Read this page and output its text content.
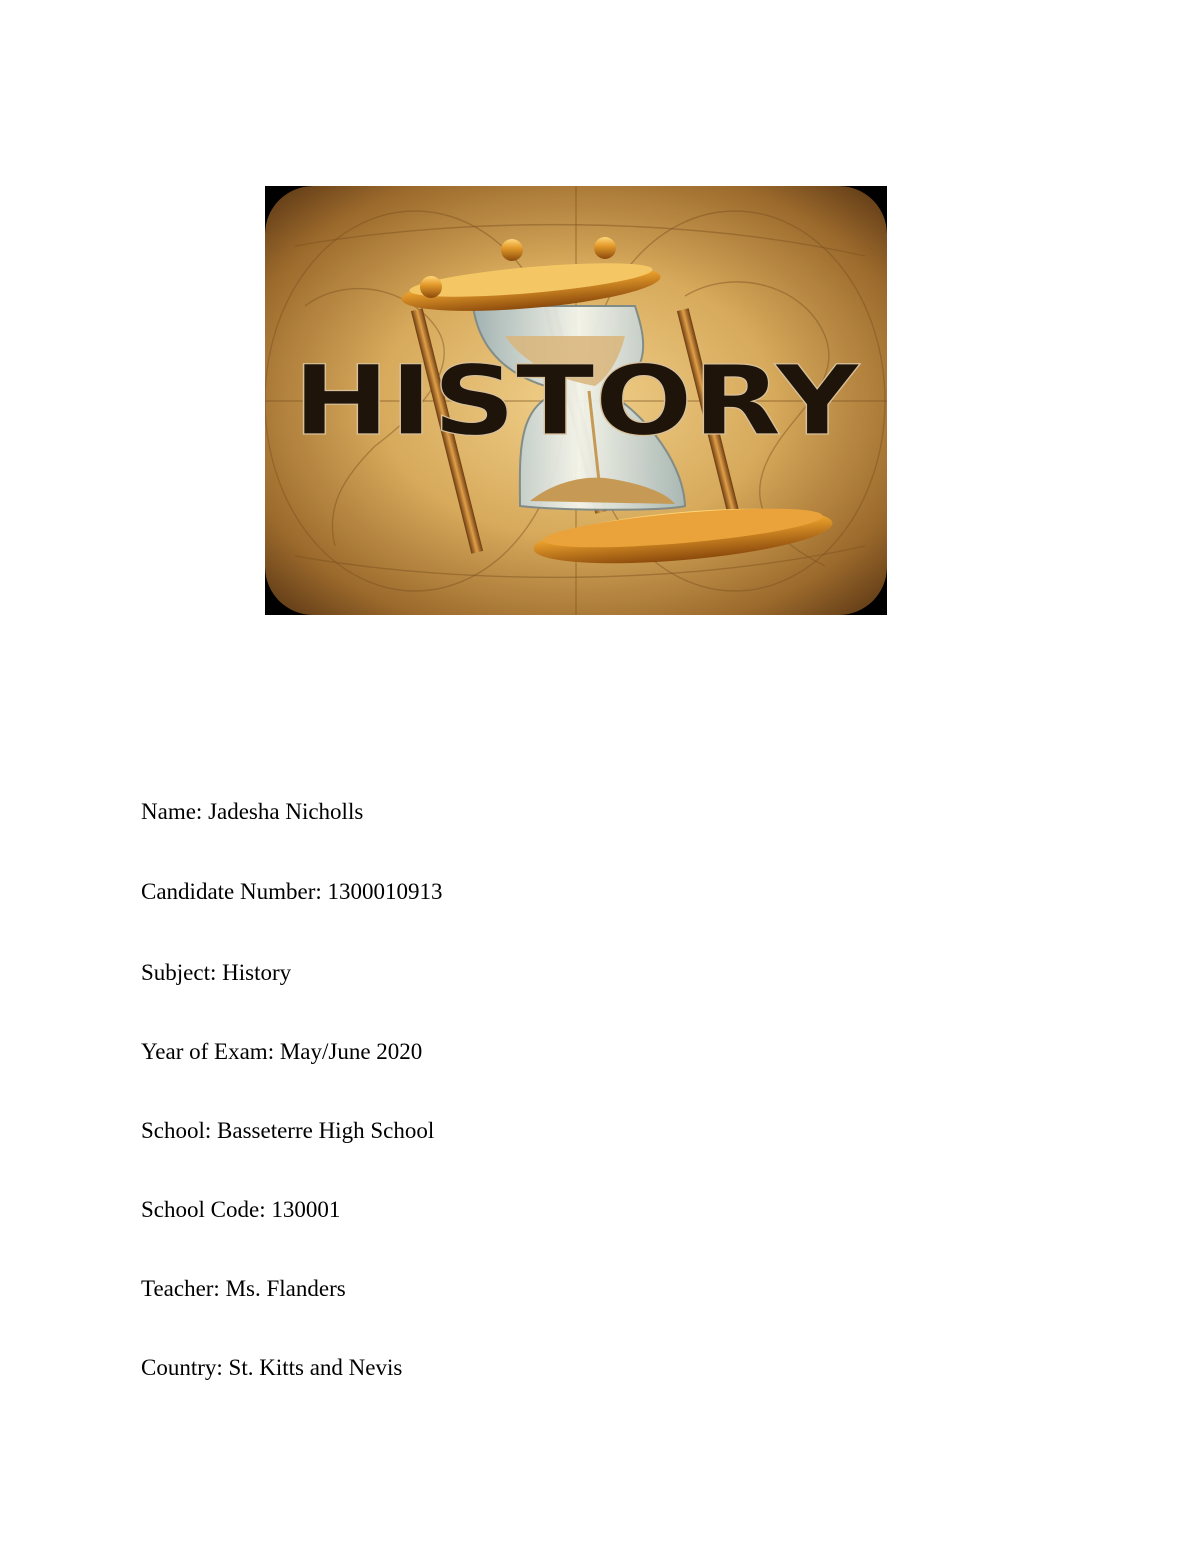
HISTORY
Name: Jadesha Nicholls
Candidate Number: 1300010913
Subject: History
Year of Exam: May/June 2020
School: Basseterre High School
School Code: 130001
Teacher: Ms. Flanders
Country: St. Kitts and Nevis
